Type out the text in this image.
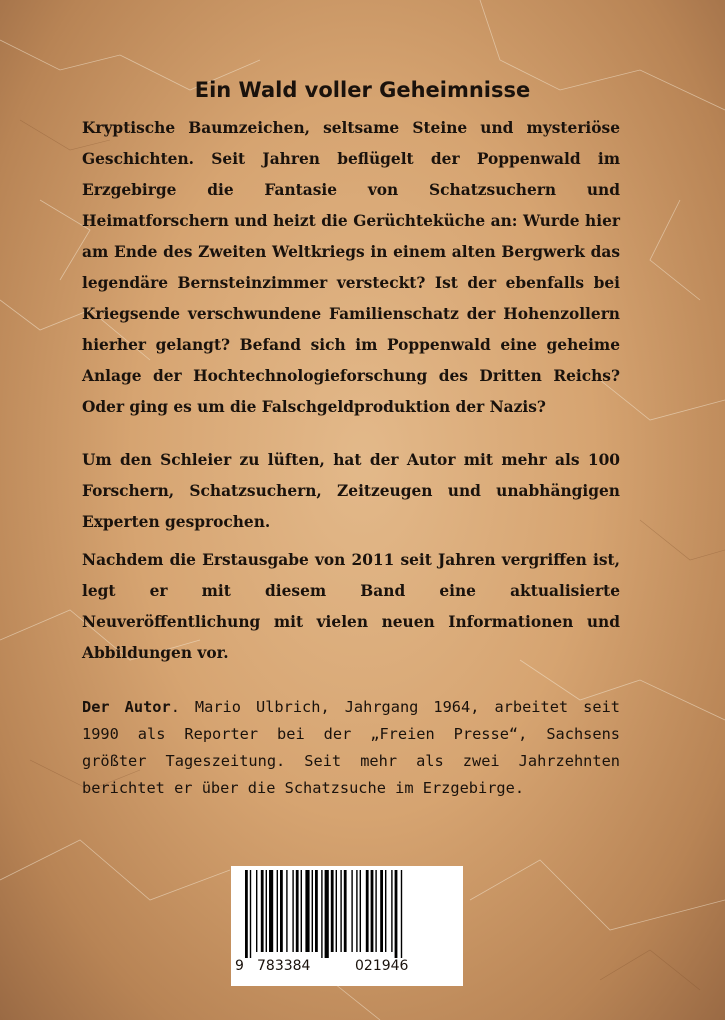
Ein Wald voller Geheimnisse

Kryptische Baumzeichen, seltsame Steine und mysteriöse Geschichten. Seit Jahren beflügelt der Poppenwald im Erzgebirge die Fantasie von Schatzsuchern und Heimatforschern und heizt die Gerüchteküche an: Wurde hier am Ende des Zweiten Weltkriegs in einem alten Bergwerk das legendäre Bernsteinzimmer versteckt? Ist der ebenfalls bei Kriegsende verschwundene Familienschatz der Hohenzollern hierher gelangt? Befand sich im Poppenwald eine geheime Anlage der Hochtechnologieforschung des Dritten Reichs? Oder ging es um die Falschgeldproduktion der Nazis?

Um den Schleier zu lüften, hat der Autor mit mehr als 100 Forschern, Schatzsuchern, Zeitzeugen und unabhängigen Experten gesprochen.

Nachdem die Erstausgabe von 2011 seit Jahren vergriffen ist, legt er mit diesem Band eine aktualisierte Neuveröffentlichung mit vielen neuen Informationen und Abbildungen vor.

Der Autor. Mario Ulbrich, Jahrgang 1964, arbeitet seit 1990 als Reporter bei der „Freien Presse“, Sachsens größter Tageszeitung. Seit mehr als zwei Jahrzehnten berichtet er über die Schatzsuche im Erzgebirge.

9 783384	021946
